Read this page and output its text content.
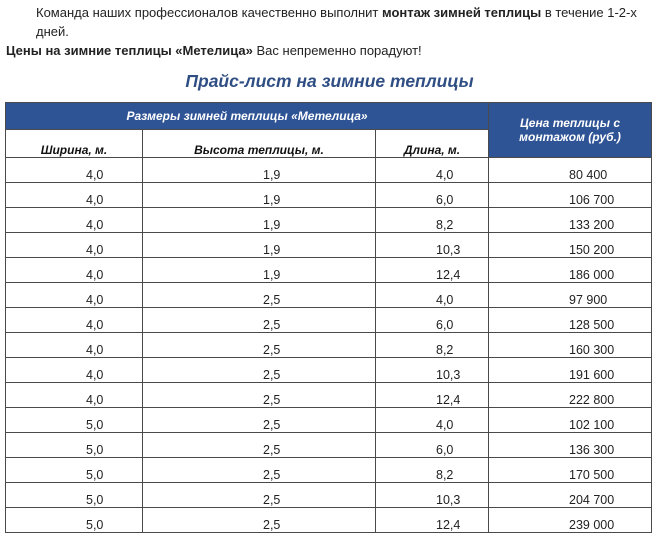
Команда наших профессионалов качественно выполнит монтаж зимней теплицы в течение 1-2-х дней.
Цены на зимние теплицы «Метелица» Вас непременно порадуют!
Прайс-лист на зимние теплицы
Размеры зимней теплицы «Метелица»			Цена теплицы с монтажом (руб.)
Ширина, м.	Высота теплицы, м.	Длина, м.	
4,0	1,9	4,0	80 400
4,0	1,9	6,0	106 700
4,0	1,9	8,2	133 200
4,0	1,9	10,3	150 200
4,0	1,9	12,4	186 000
4,0	2,5	4,0	97 900
4,0	2,5	6,0	128 500
4,0	2,5	8,2	160 300
4,0	2,5	10,3	191 600
4,0	2,5	12,4	222 800
5,0	2,5	4,0	102 100
5,0	2,5	6,0	136 300
5,0	2,5	8,2	170 500
5,0	2,5	10,3	204 700
5,0	2,5	12,4	239 000
